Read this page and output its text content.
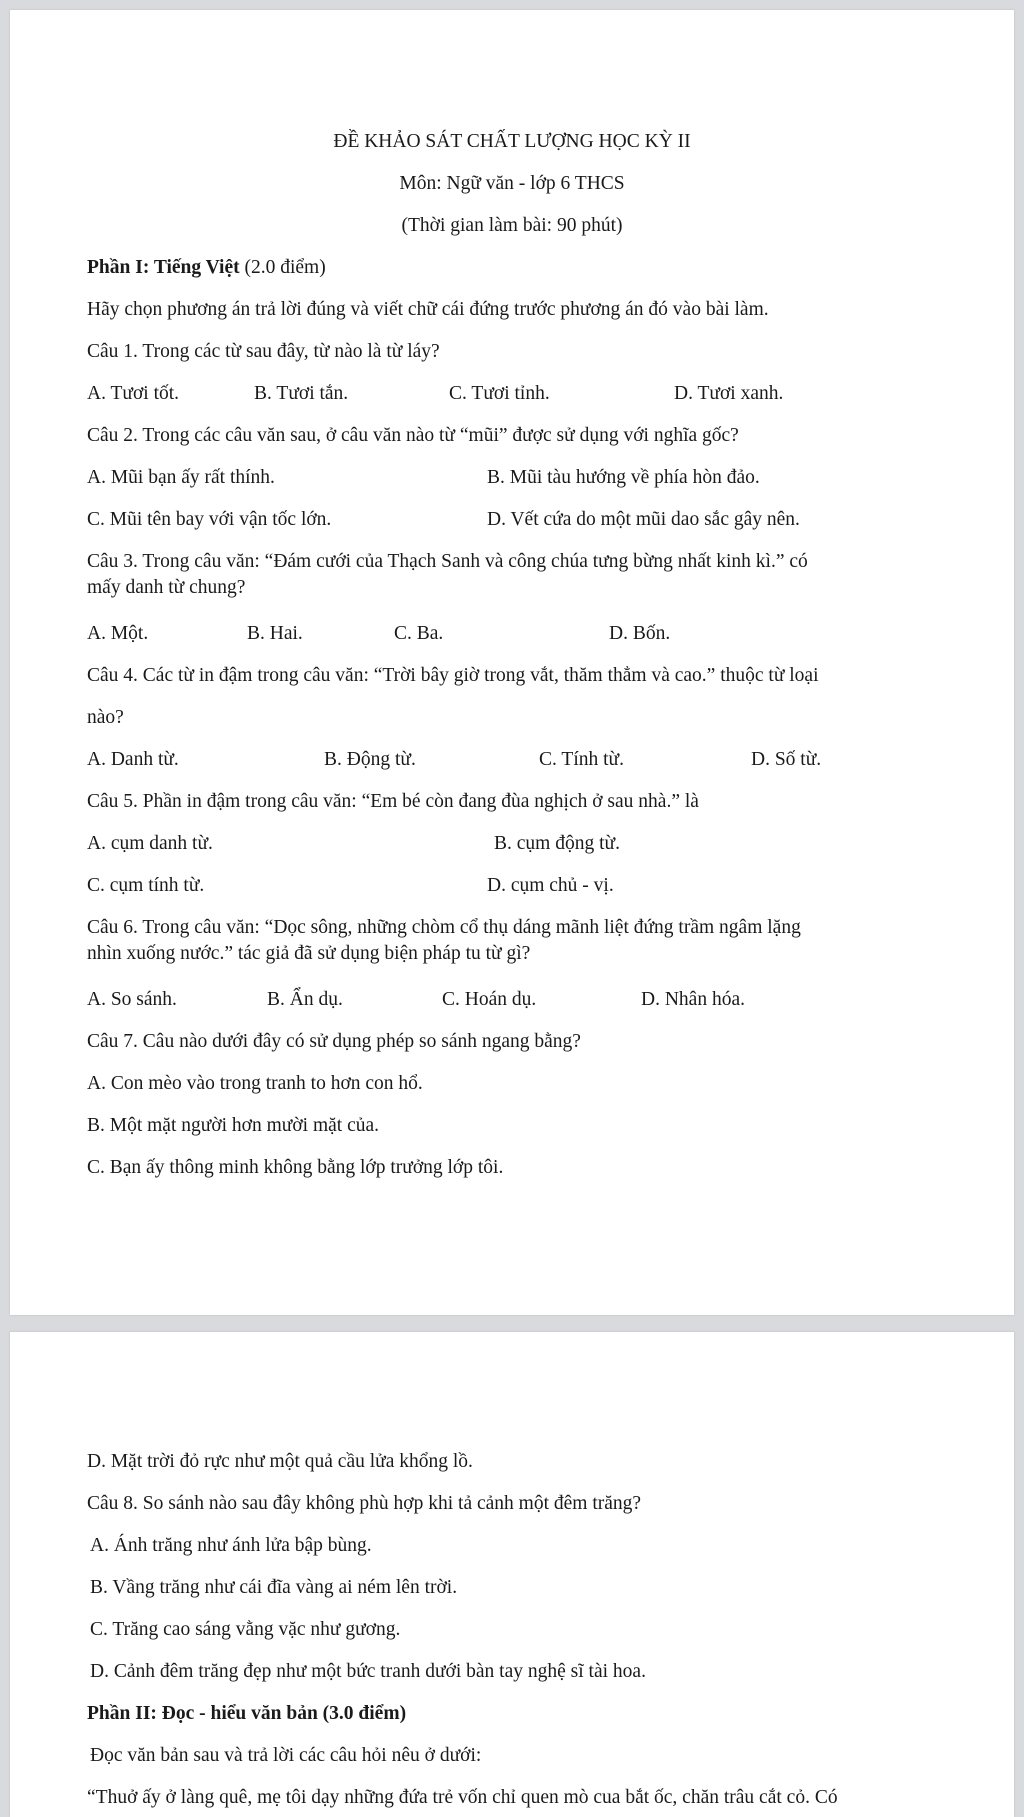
ĐỀ KHẢO SÁT CHẤT LƯỢNG HỌC KỲ II
Môn: Ngữ văn - lớp 6 THCS
(Thời gian làm bài: 90 phút)
Phần I: Tiếng Việt (2.0 điểm)
Hãy chọn phương án trả lời đúng và viết chữ cái đứng trước phương án đó vào bài làm.
Câu 1. Trong các từ sau đây, từ nào là từ láy?
A. Tươi tốt.	B. Tươi tắn.	C. Tươi tỉnh.	D. Tươi xanh.
Câu 2. Trong các câu văn sau, ở câu văn nào từ “mũi” được sử dụng với nghĩa gốc?
A. Mũi bạn ấy rất thính.	B. Mũi tàu hướng về phía hòn đảo.
C. Mũi tên bay với vận tốc lớn.	D. Vết cứa do một mũi dao sắc gây nên.
Câu 3. Trong câu văn: “Đám cưới của Thạch Sanh và công chúa tưng bừng nhất kinh kì.” có
mấy danh từ chung?
A. Một.	B. Hai.	C. Ba.	D. Bốn.
Câu 4. Các từ in đậm trong câu văn: “Trời bây giờ trong vắt, thăm thẳm và cao.” thuộc từ loại
nào?
A. Danh từ.	B. Động từ.	C. Tính từ.	D. Số từ.
Câu 5. Phần in đậm trong câu văn: “Em bé còn đang đùa nghịch ở sau nhà.” là
A. cụm danh từ.	B. cụm động từ.
C. cụm tính từ.	D. cụm chủ - vị.
Câu 6. Trong câu văn: “Dọc sông, những chòm cổ thụ dáng mãnh liệt đứng trầm ngâm lặng
nhìn xuống nước.” tác giả đã sử dụng biện pháp tu từ gì?
A. So sánh.	B. Ẩn dụ.	C. Hoán dụ.	D. Nhân hóa.
Câu 7. Câu nào dưới đây có sử dụng phép so sánh ngang bằng?
A. Con mèo vào trong tranh to hơn con hổ.
B. Một mặt người hơn mười mặt của.
C. Bạn ấy thông minh không bằng lớp trưởng lớp tôi.
D. Mặt trời đỏ rực như một quả cầu lửa khổng lồ.
Câu 8. So sánh nào sau đây không phù hợp khi tả cảnh một đêm trăng?
A. Ánh trăng như ánh lửa bập bùng.
B. Vầng trăng như cái đĩa vàng ai ném lên trời.
C. Trăng cao sáng vằng vặc như gương.
D. Cảnh đêm trăng đẹp như một bức tranh dưới bàn tay nghệ sĩ tài hoa.
Phần II: Đọc - hiểu văn bản (3.0 điểm)
Đọc văn bản sau và trả lời các câu hỏi nêu ở dưới:
“Thuở ấy ở làng quê, mẹ tôi dạy những đứa trẻ vốn chỉ quen mò cua bắt ốc, chăn trâu cắt cỏ. Có
